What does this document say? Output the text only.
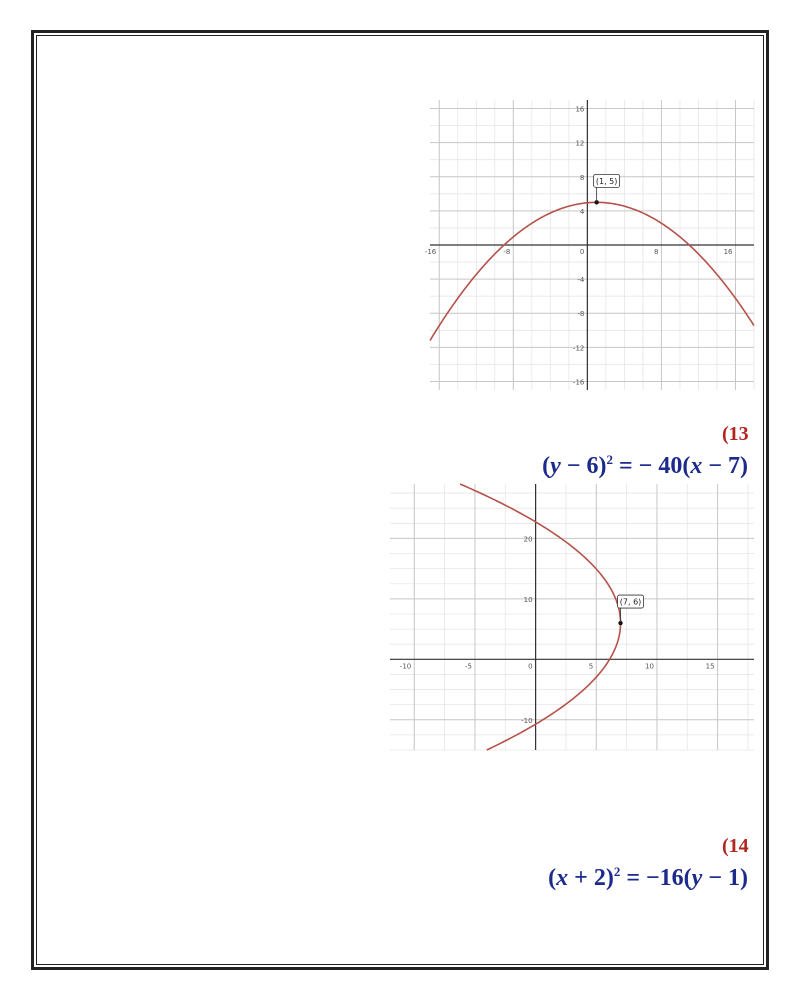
-16	-8	0	8	16
16
12
8
4
-4
-8
-12
-16
(1, 5)
(13
$(y - 6)^2$ = − 40(x − 7)
-10	-5	0	5	10	15
20
10
-10
(7, 6)
(14
$(x + 2)^2 = -16(y - 1)$
